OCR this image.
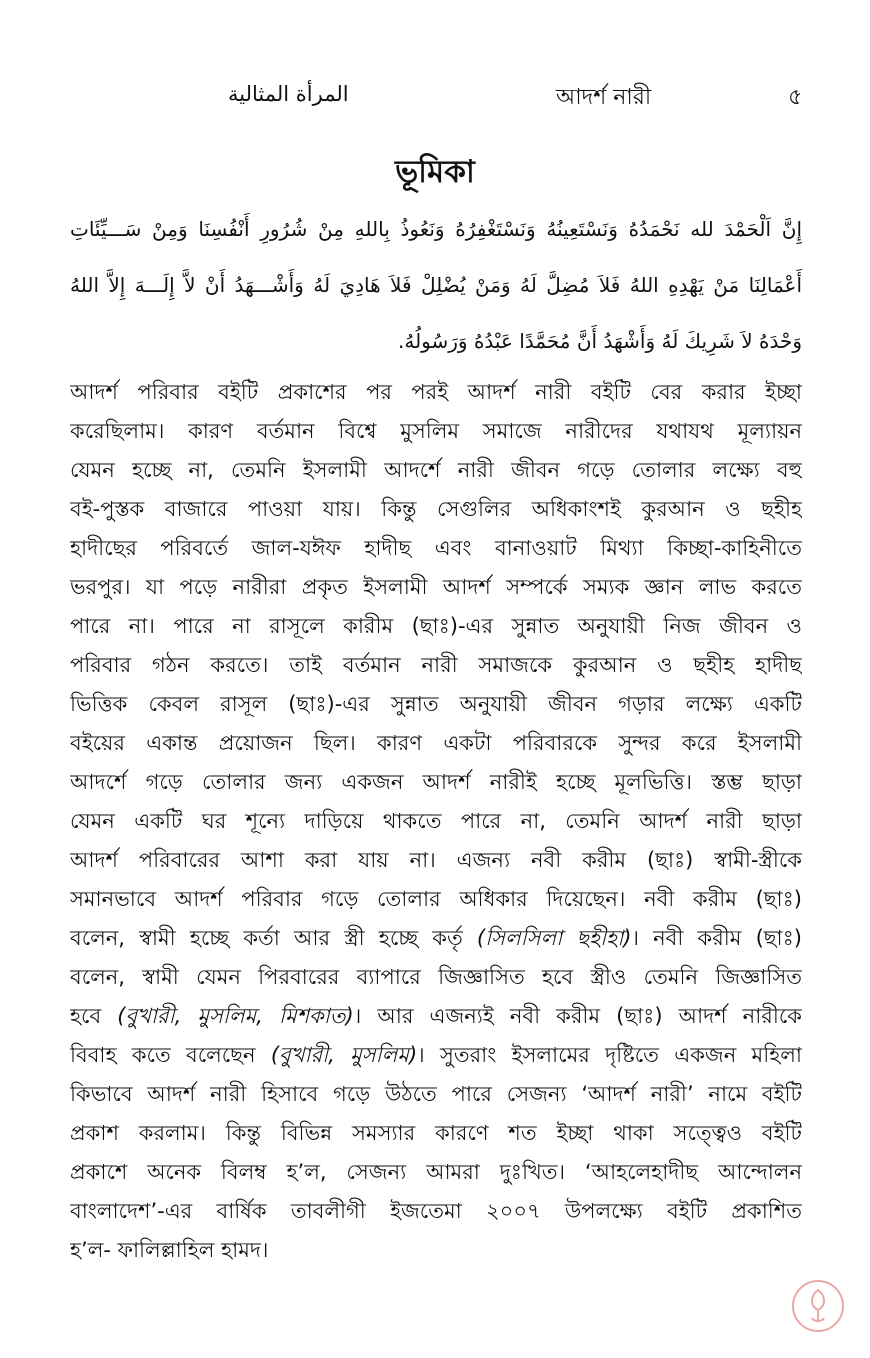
المرأة المثالية	আদর্শ নারী	৫
ভূমিকা
إِنَّ اَلْحَمْدَ لله نَحْمَدُهُ وَنَسْتَعِينُهُ وَنَسْتَغْفِرُهُ وَنَعُوذُ بِاللهِ مِنْ شُرُورِ أَنْفُسِنَا وَمِنْ سَـــيِّئَاتِ
أَعْمَالِنَا مَنْ يَهْدِهِ اللهُ فَلاَ مُضِلَّ لَهُ وَمَنْ يُضْلِلْ فَلاَ هَادِيَ لَهُ وَأَشْـــهَدُ أَنْ لاَّ إِلَـــهَ إِلاَّ اللهُ
وَحْدَهُ لاَ شَرِيكَ لَهُ وَأَشْهَدُ أَنَّ مُحَمَّدًا عَبْدُهُ وَرَسُولُهُ.
আদর্শ পরিবার বইটি প্রকাশের পর পরই আদর্শ নারী বইটি বের করার ইচ্ছা
করেছিলাম। কারণ বর্তমান বিশ্বে মুসলিম সমাজে নারীদের যথাযথ মূল্যায়ন
যেমন হচ্ছে না, তেমনি ইসলামী আদর্শে নারী জীবন গড়ে তোলার লক্ষ্যে বহু
বই-পুস্তক বাজারে পাওয়া যায়। কিন্তু সেগুলির অধিকাংশই কুরআন ও ছহীহ
হাদীছের পরিবর্তে জাল-যঈফ হাদীছ এবং বানাওয়াট মিথ্যা কিচ্ছা-কাহিনীতে
ভরপুর। যা পড়ে নারীরা প্রকৃত ইসলামী আদর্শ সম্পর্কে সম্যক জ্ঞান লাভ করতে
পারে না। পারে না রাসূলে কারীম (ছাঃ)-এর সুন্নাত অনুযায়ী নিজ জীবন ও
পরিবার গঠন করতে। তাই বর্তমান নারী সমাজকে কুরআন ও ছহীহ হাদীছ
ভিত্তিক কেবল রাসূল (ছাঃ)-এর সুন্নাত অনুযায়ী জীবন গড়ার লক্ষ্যে একটি
বইয়ের একান্ত প্রয়োজন ছিল। কারণ একটা পরিবারকে সুন্দর করে ইসলামী
আদর্শে গড়ে তোলার জন্য একজন আদর্শ নারীই হচ্ছে মূলভিত্তি। স্তম্ভ ছাড়া
যেমন একটি ঘর শূন্যে দাড়িয়ে থাকতে পারে না, তেমনি আদর্শ নারী ছাড়া
আদর্শ পরিবারের আশা করা যায় না। এজন্য নবী করীম (ছাঃ) স্বামী-স্ত্রীকে
সমানভাবে আদর্শ পরিবার গড়ে তোলার অধিকার দিয়েছেন। নবী করীম (ছাঃ)
বলেন, স্বামী হচ্ছে কর্তা আর স্ত্রী হচ্ছে কর্তৃ (সিলসিলা ছহীহা)। নবী করীম (ছাঃ)
বলেন, স্বামী যেমন পিরবারের ব্যাপারে জিজ্ঞাসিত হবে স্ত্রীও তেমনি জিজ্ঞাসিত
হবে (বুখারী, মুসলিম, মিশকাত)। আর এজন্যই নবী করীম (ছাঃ) আদর্শ নারীকে
বিবাহ কতে বলেছেন (বুখারী, মুসলিম)। সুতরাং ইসলামের দৃষ্টিতে একজন মহিলা
কিভাবে আদর্শ নারী হিসাবে গড়ে উঠতে পারে সেজন্য ‘আদর্শ নারী’ নামে বইটি
প্রকাশ করলাম। কিন্তু বিভিন্ন সমস্যার কারণে শত ইচ্ছা থাকা সত্ত্বেও বইটি
প্রকাশে অনেক বিলম্ব হ’ল, সেজন্য আমরা দুঃখিত। ‘আহলেহাদীছ আন্দোলন
বাংলাদেশ’-এর বার্ষিক তাবলীগী ইজতেমা ২০০৭ উপলক্ষ্যে বইটি প্রকাশিত
হ’ল- ফালিল্লাহিল হামদ।
